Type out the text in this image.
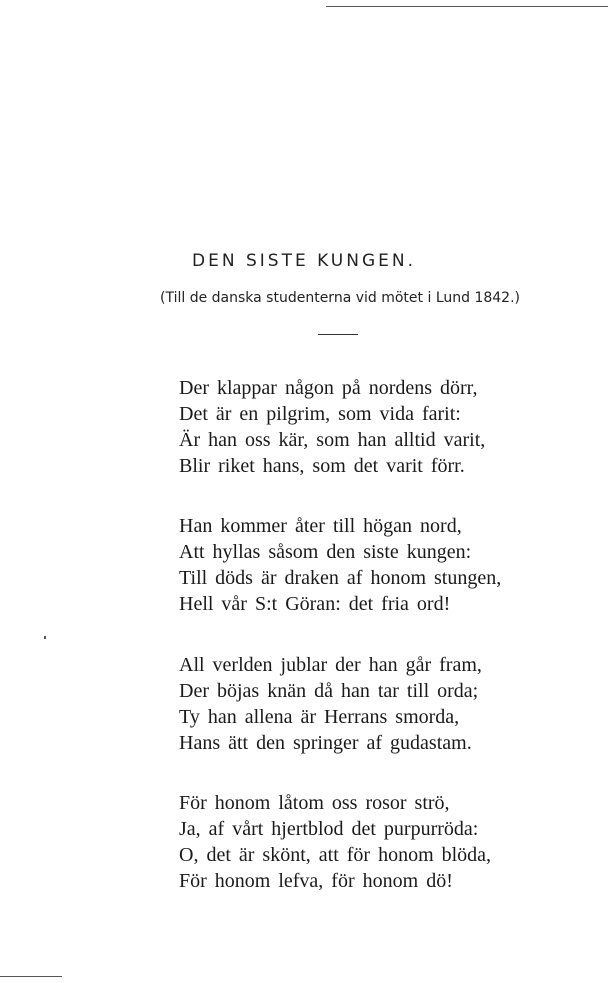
DEN SISTE KUNGEN.
(Till de danska studenterna vid mötet i Lund 1842.)
Der klappar någon på nordens dörr,
Det är en pilgrim, som vida farit:
Är han oss kär, som han alltid varit,
Blir riket hans, som det varit förr.
Han kommer åter till högan nord,
Att hyllas såsom den siste kungen:
Till döds är draken af honom stungen,
Hell vår S:t Göran: det fria ord!
All verlden jublar der han går fram,
Der böjas knän då han tar till orda;
Ty han allena är Herrans smorda,
Hans ätt den springer af gudastam.
För honom låtom oss rosor strö,
Ja, af vårt hjertblod det purpurröda:
O, det är skönt, att för honom blöda,
För honom lefva, för honom dö!
